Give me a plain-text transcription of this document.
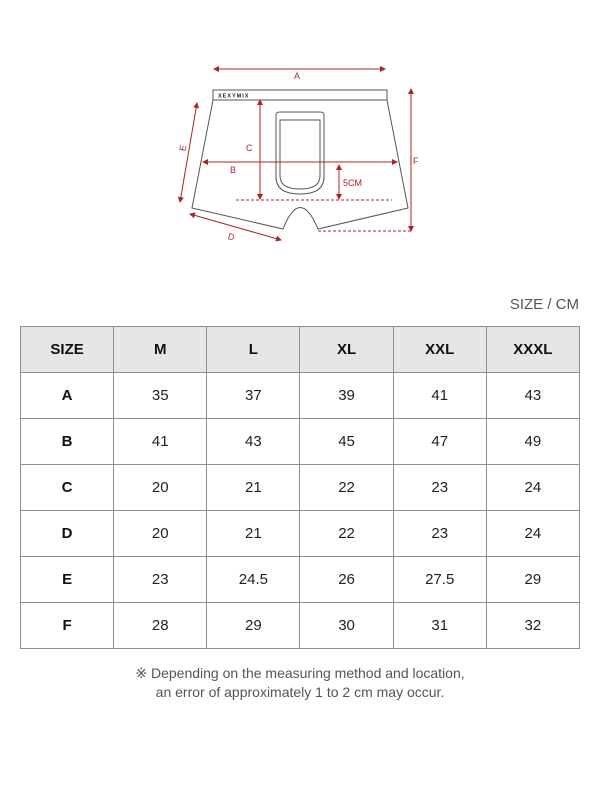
XEXYMIX
A
B
C
5CM
D
E
F
SIZE / CM
SIZE	M	L	XL	XXL	XXXL
A	35	37	39	41	43
B	41	43	45	47	49
C	20	21	22	23	24
D	20	21	22	23	24
E	23	24.5	26	27.5	29
F	28	29	30	31	32
※ Depending on the measuring method and location,
an error of approximately 1 to 2 cm may occur.
